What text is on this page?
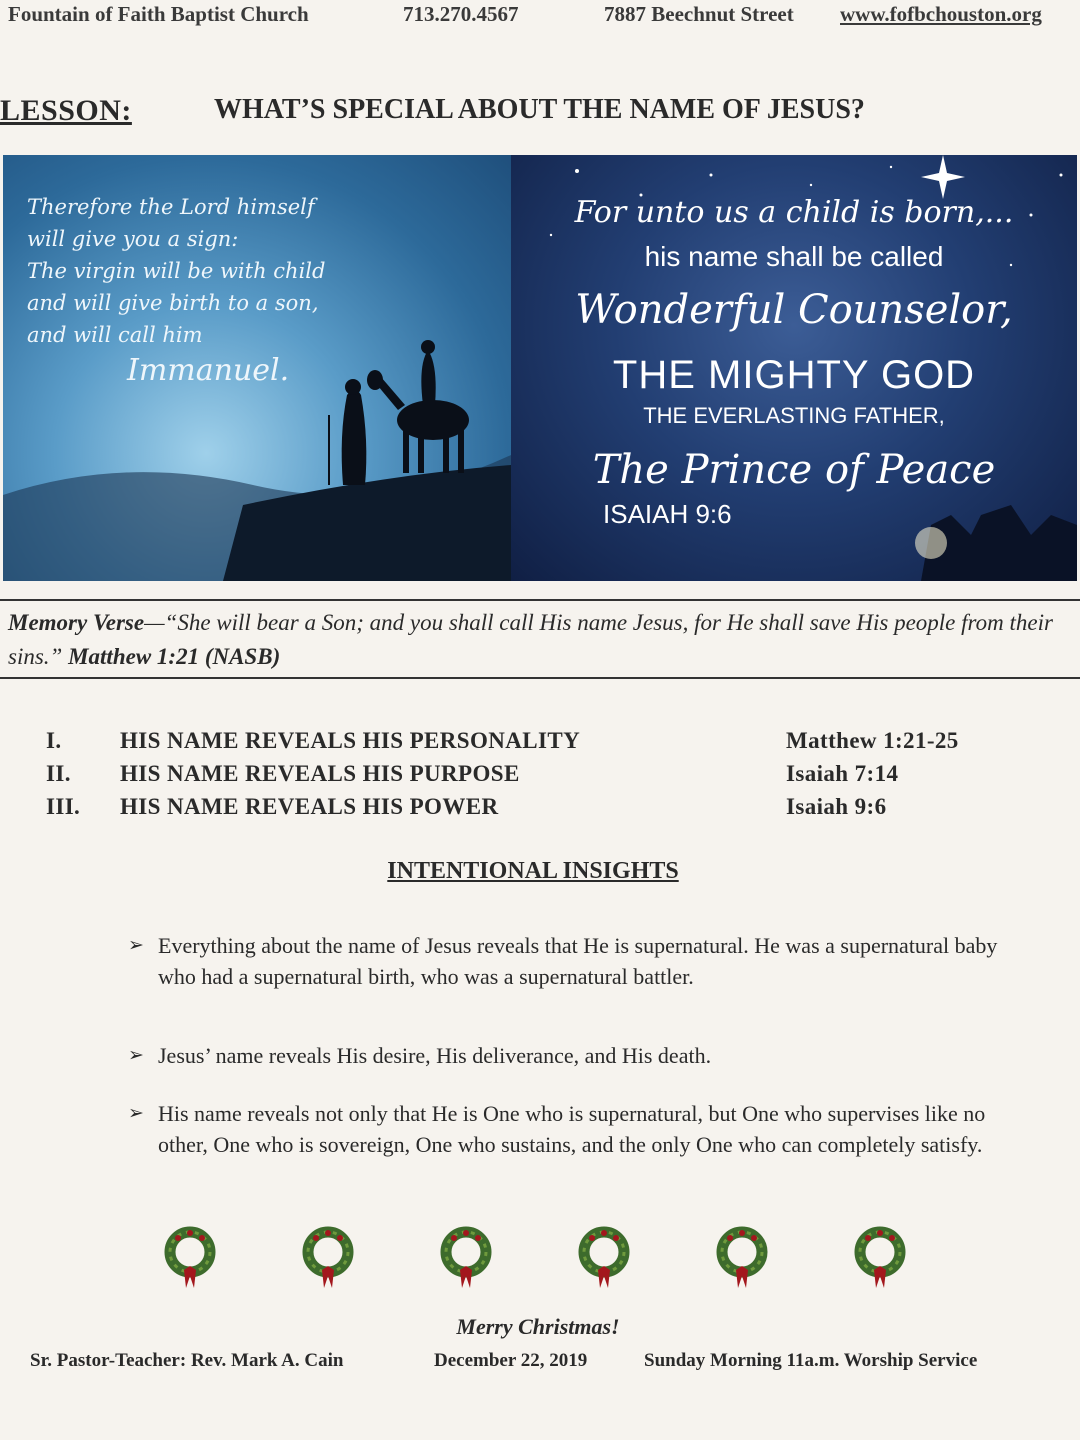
Fountain of Faith Baptist Church	713.270.4567	7887 Beechnut Street www.fofbchouston.org
LESSON:	WHAT’S SPECIAL ABOUT THE NAME OF JESUS?
Therefore the Lord himself
will give you a sign:
The virgin will be with child
and will give birth to a son,
and will call him
Immanuel.
For unto us a child is born,...
his name shall be called
Wonderful Counselor,
THE MIGHTY GOD
THE EVERLASTING FATHER,
The Prince of Peace
ISAIAH 9:6
Memory Verse—“She will bear a Son; and you shall call His name Jesus, for He shall save His people from their sins.” Matthew 1:21 (NASB)
I.	HIS NAME REVEALS HIS PERSONALITY	Matthew 1:21-25
II. HIS NAME REVEALS HIS PURPOSE	Isaiah 7:14
III. HIS NAME REVEALS HIS POWER	Isaiah 9:6
INTENTIONAL INSIGHTS
➢ Everything about the name of Jesus reveals that He is supernatural. He was a supernatural baby who had a supernatural birth, who was a supernatural battler.
➢ Jesus’ name reveals His desire, His deliverance, and His death.
➢ His name reveals not only that He is One who is supernatural, but One who supervises like no other, One who is sovereign, One who sustains, and the only One who can completely satisfy.
Merry Christmas!
Sr. Pastor-Teacher: Rev. Mark A. Cain	December 22, 2019	Sunday Morning 11a.m. Worship Service
